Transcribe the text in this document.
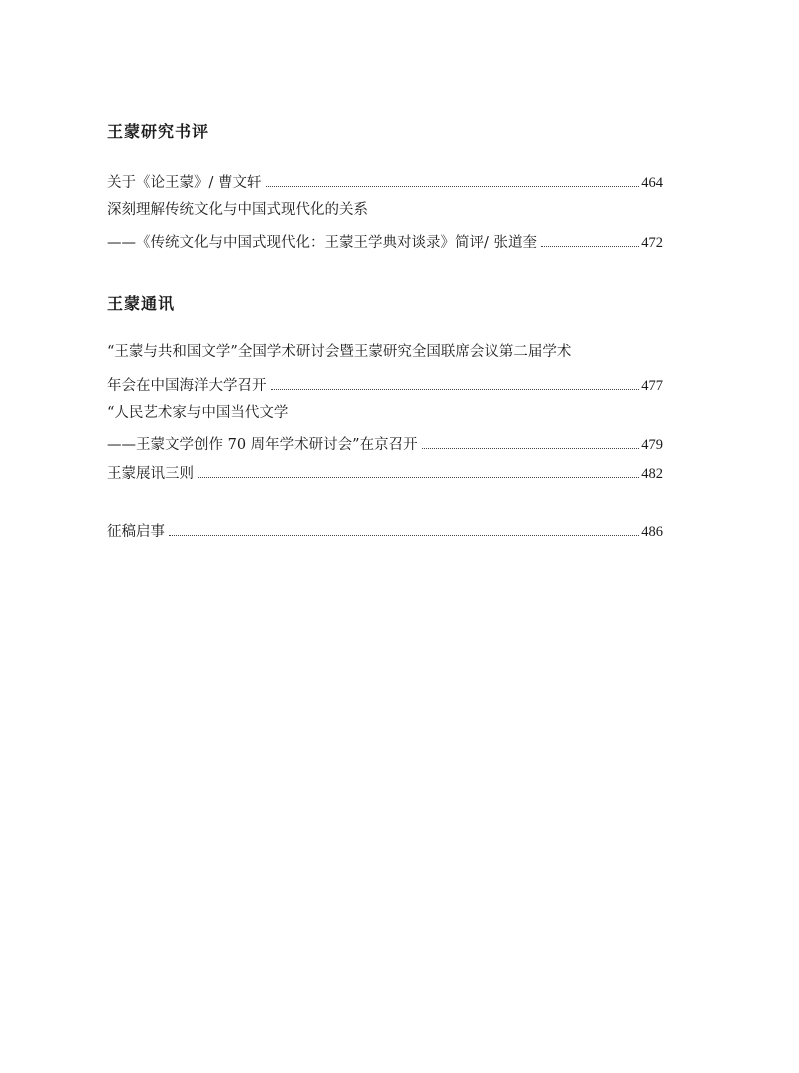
王蒙研究书评
关于《论王蒙》 / 曹文轩	464
深刻理解传统文化与中国式现代化的关系
——《传统文化与中国式现代化：王蒙王学典对谈录》简评 / 张道奎	472
王蒙通讯
“王蒙与共和国文学”全国学术研讨会暨王蒙研究全国联席会议第二届学术
年会在中国海洋大学召开	477
“人民艺术家与中国当代文学
——王蒙文学创作 70 周年学术研讨会”在京召开	479
王蒙展讯三则	482
征稿启事	486
